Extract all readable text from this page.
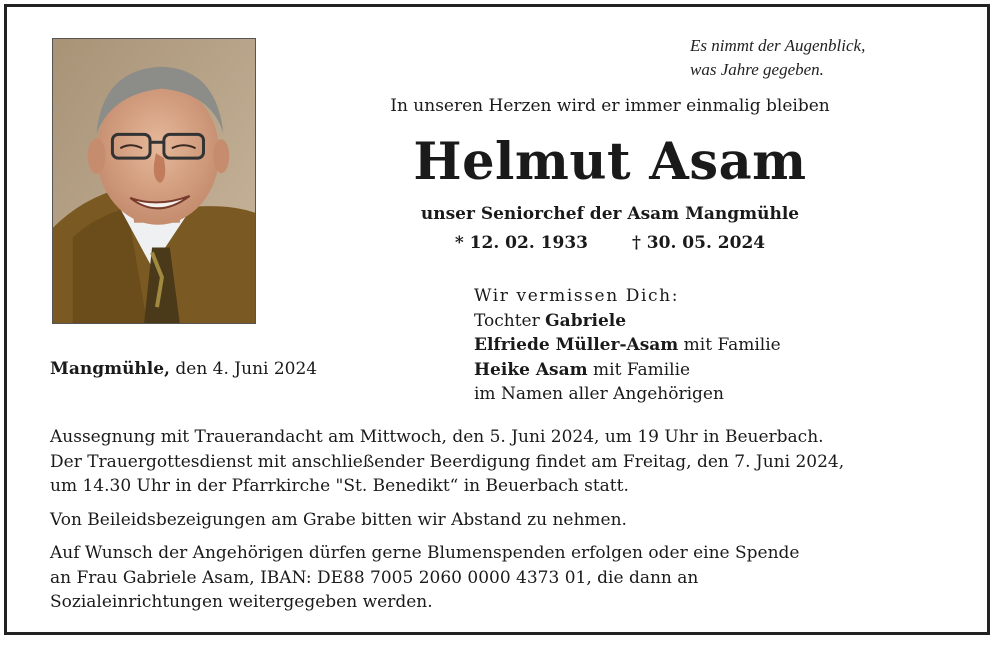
Es nimmt der Augenblick,
was Jahre gegeben.
In unseren Herzen wird er immer einmalig bleiben
Helmut Asam
unser Seniorchef der Asam Mangmühle
* 12. 02. 1933	† 30. 05. 2024
Wir vermissen Dich:
Tochter Gabriele
Elfriede Müller-Asam mit Familie
Heike Asam mit Familie
im Namen aller Angehörigen
Mangmühle, den 4. Juni 2024

Aussegnung mit Trauerandacht am Mittwoch, den 5. Juni 2024, um 19 Uhr in Beuerbach.
Der Trauergottesdienst mit anschließender Beerdigung findet am Freitag, den 7. Juni 2024,
um 14.30 Uhr in der Pfarrkirche "St. Benedikt“ in Beuerbach statt.

Von Beileidsbezeigungen am Grabe bitten wir Abstand zu nehmen.

Auf Wunsch der Angehörigen dürfen gerne Blumenspenden erfolgen oder eine Spende
an Frau Gabriele Asam, IBAN: DE88 7005 2060 0000 4373 01, die dann an
Sozialeinrichtungen weitergegeben werden.
